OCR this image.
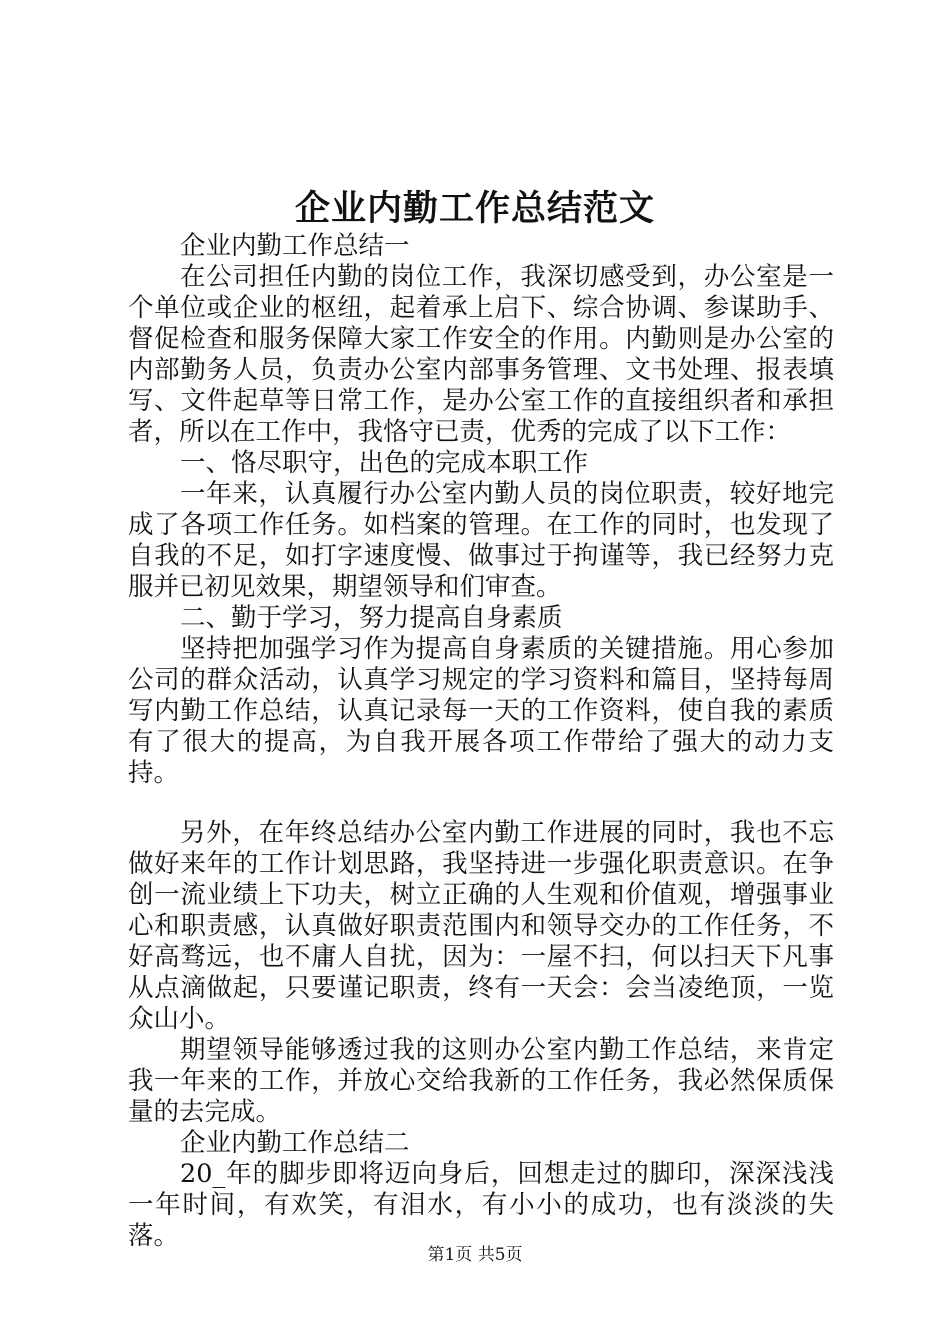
企业内勤工作总结范文

企业内勤工作总结一

在公司担任内勤的岗位工作，我深切感受到，办公室是一个单位或企业的枢纽，起着承上启下、综合协调、参谋助手、督促检查和服务保障大家工作安全的作用。内勤则是办公室的内部勤务人员，负责办公室内部事务管理、文书处理、报表填写、文件起草等日常工作，是办公室工作的直接组织者和承担者，所以在工作中，我恪守已责，优秀的完成了以下工作：

一、恪尽职守，出色的完成本职工作

一年来，认真履行办公室内勤人员的岗位职责，较好地完成了各项工作任务。如档案的管理。在工作的同时，也发现了自我的不足，如打字速度慢、做事过于拘谨等，我已经努力克服并已初见效果，期望领导和们审查。

二、勤于学习，努力提高自身素质

坚持把加强学习作为提高自身素质的关键措施。用心参加公司的群众活动，认真学习规定的学习资料和篇目，坚持每周写内勤工作总结，认真记录每一天的工作资料，使自我的素质有了很大的提高，为自我开展各项工作带给了强大的动力支持。

另外，在年终总结办公室内勤工作进展的同时，我也不忘做好来年的工作计划思路，我坚持进一步强化职责意识。在争创一流业绩上下功夫，树立正确的人生观和价值观，增强事业心和职责感，认真做好职责范围内和领导交办的工作任务，不好高骛远，也不庸人自扰，因为：一屋不扫，何以扫天下凡事从点滴做起，只要谨记职责，终有一天会：会当凌绝顶，一览众山小。

期望领导能够透过我的这则办公室内勤工作总结，来肯定我一年来的工作，并放心交给我新的工作任务，我必然保质保量的去完成。

企业内勤工作总结二

20_年的脚步即将迈向身后，回想走过的脚印，深深浅浅一年时间，有欢笑，有泪水，有小小的成功，也有淡淡的失落。

第1页 共5页
